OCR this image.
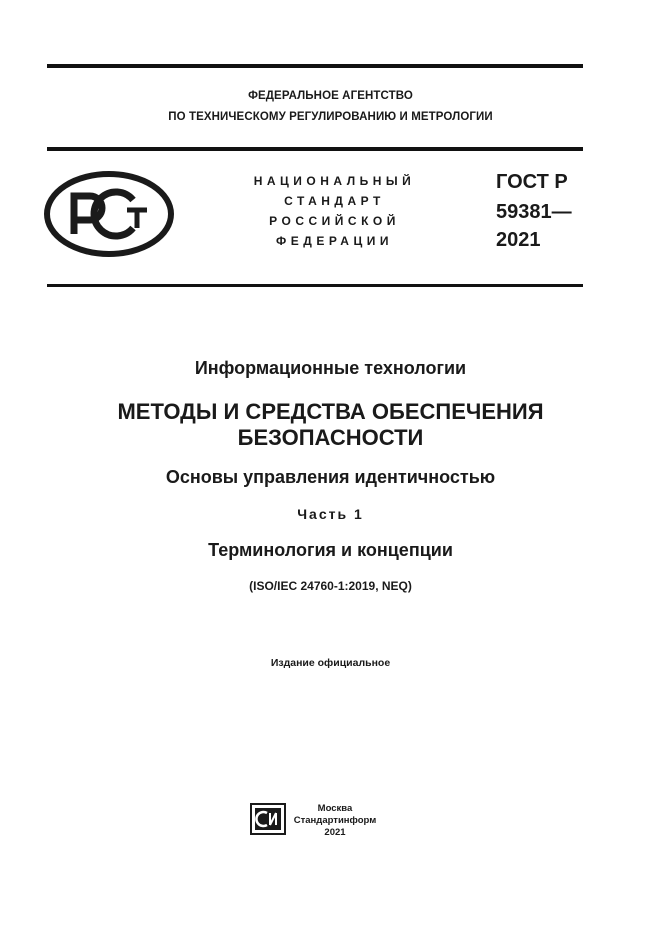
ФЕДЕРАЛЬНОЕ АГЕНТСТВО
ПО ТЕХНИЧЕСКОМУ РЕГУЛИРОВАНИЮ И МЕТРОЛОГИИ
НАЦИОНАЛЬНЫЙ
СТАНДАРТ
РОССИЙСКОЙ
ФЕДЕРАЦИИ
ГОСТ Р
59381—
2021
Информационные технологии
МЕТОДЫ И СРЕДСТВА ОБЕСПЕЧЕНИЯ
БЕЗОПАСНОСТИ
Основы управления идентичностью
Часть 1
Терминология и концепции
(ISO/IEC 24760-1:2019, NEQ)
Издание официальное
Москва
Стандартинформ
2021
